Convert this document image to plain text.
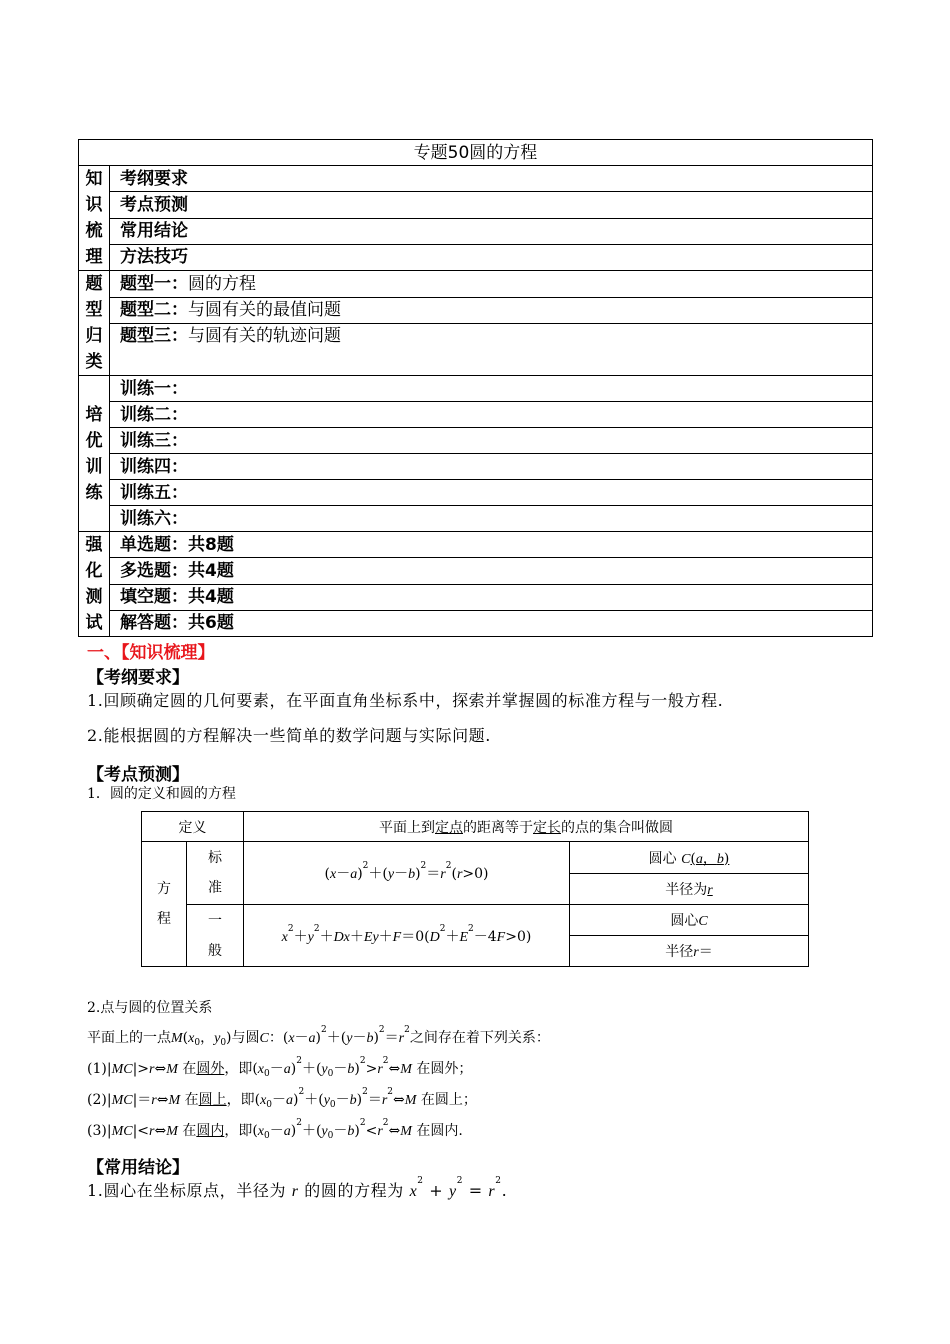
专题50圆的方程	
知识梳理	考纲要求
	考点预测
	常用结论
	方法技巧
题型归类	题型一：圆的方程
	题型二：与圆有关的最值问题
	题型三：与圆有关的轨迹问题
培优训练	训练一：
	训练二：
	训练三：
	训练四：
	训练五：
	训练六：
强化测试	单选题：共8题
	多选题：共4题
	填空题：共4题
	解答题：共6题
一、【知识梳理】
【考纲要求】
1.回顾确定圆的几何要素，在平面直角坐标系中，探索并掌握圆的标准方程与一般方程.
2.能根据圆的方程解决一些简单的数学问题与实际问题.
【考点预测】
1．圆的定义和圆的方程
定义		平面上到定点的距离等于定长的点的集合叫做圆	
方程	标准	$(x-a)^2+(y-b)^2=r^2(r>0)$	圆心 C(a，b)
			半径为r
	一般	$x^2+y^2+Dx+Ey+F=0(D^2+E^2-4F>0)$	圆心C
			半径r＝
2.点与圆的位置关系
平面上的一点$M(x_0$，$y_0$)与圆C：$(x-a)^2+(y-b)^2=r^2$之间存在着下列关系：
(1)|MC|>r⇔M 在圆外，即$(x_0-a)^2+(y_0-b)^2>r^2\Leftrightarrow M$ 在圆外；
(2)|MC|＝r⇔M 在圆上，即$(x_0-a)^2+(y_0-b)^2=r^2\Leftrightarrow M$ 在圆上；
(3)|MC|<r⇔M 在圆内，即$(x_0-a)^2+(y_0-b)^2<r^2\Leftrightarrow M$ 在圆内.
【常用结论】
1.圆心在坐标原点，半径为 r 的圆的方程为 $x^2 + y^2 = r^2$.
